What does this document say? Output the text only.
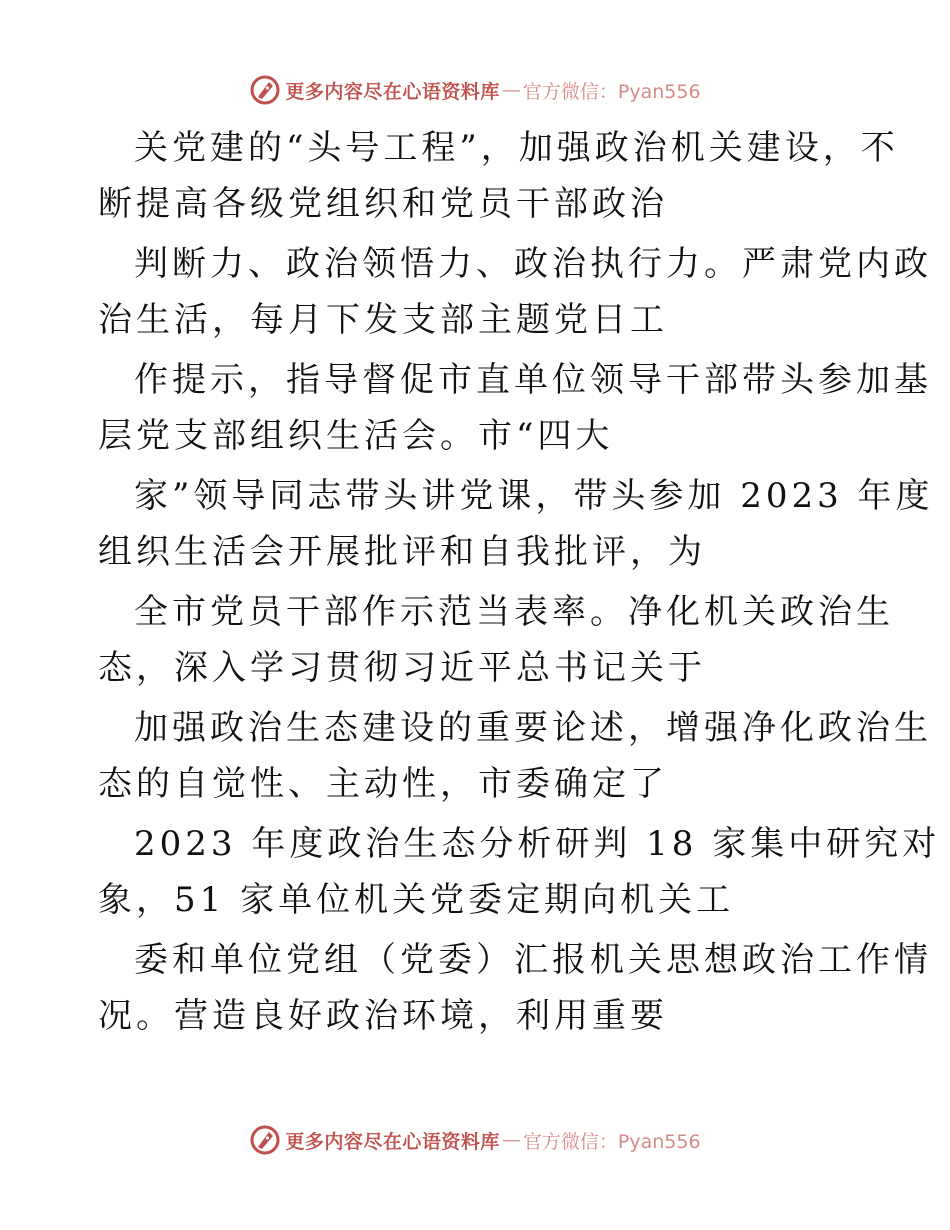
更多内容尽在心语资料库 — 官方微信：Pyan556
关党建的“头号工程”，加强政治机关建设，不
断提高各级党组织和党员干部政治
判断力、政治领悟力、政治执行力。严肃党内政
治生活，每月下发支部主题党日工
作提示，指导督促市直单位领导干部带头参加基
层党支部组织生活会。市“四大
家”领导同志带头讲党课，带头参加 2023 年度
组织生活会开展批评和自我批评，为
全市党员干部作示范当表率。净化机关政治生
态，深入学习贯彻习近平总书记关于
加强政治生态建设的重要论述，增强净化政治生
态的自觉性、主动性，市委确定了
2023 年度政治生态分析研判 18 家集中研究对
象，51 家单位机关党委定期向机关工
委和单位党组（党委）汇报机关思想政治工作情
况。营造良好政治环境，利用重要
更多内容尽在心语资料库 — 官方微信：Pyan556
